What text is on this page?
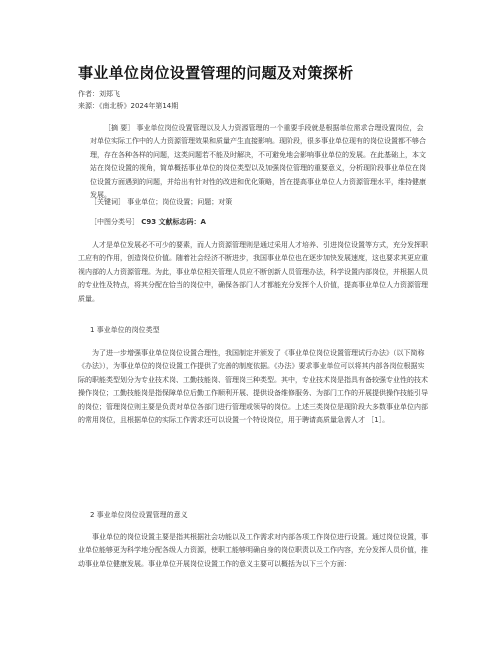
事业单位岗位设置管理的问题及对策探析
作者：刘郑飞
来源：《南北桥》2024年第14期
［摘 要］ 事业单位岗位设置管理以及人力资源管理的一个重要手段就是根据单位需求合理设置岗位，会对单位实际工作中的人力资源管理效果和质量产生直接影响。现阶段，很多事业单位现有的岗位设置都不够合理，存在各种各样的问题，这类问题若不能及时解决，不可避免地会影响事业单位的发展。在此基础上，本文站在岗位设置的视角，简单概括事业单位的岗位类型以及加强岗位管理的重要意义，分析现阶段事业单位在岗位设置方面遇到的问题，并给出有针对性的改进和优化策略，旨在提高事业单位人力资源管理水平，维持健康发展。
［关键词］ 事业单位；岗位设置；问题；对策
［中图分类号］ C93 文献标志码：A
人才是单位发展必不可少的要素，而人力资源管理则是通过采用人才培养、引进岗位设置等方式，充分发挥职工应有的作用，创造岗位价值。随着社会经济不断进步，我国事业单位也在逐步加快发展速度，这也要求其更应重视内部的人力资源管理。为此，事业单位相关管理人员应不断创新人员管理办法，科学设置内部岗位，并根据人员的专业性及特点，将其分配在恰当的岗位中，确保各部门人才都能充分发挥个人价值，提高事业单位人力资源管理质量。
1 事业单位的岗位类型
为了进一步增强事业单位岗位设置合理性，我国制定并颁发了《事业单位岗位设置管理试行办法》（以下简称《办法》），为事业单位的岗位设置工作提供了完善的制度依据。《办法》要求事业单位可以将其内部各岗位根据实际的职能类型划分为专业技术岗、工勤技能岗、管理岗三种类型。其中，专业技术岗是指具有备较强专业性的技术操作岗位；工勤技能岗是指保障单位后勤工作顺利开展、提供设备维修服务、为部门工作的开展提供操作技能引导的岗位；管理岗位则主要是负责对单位各部门进行管理或领导的岗位。上述三类岗位是现阶段大多数事业单位内部的常用岗位，且根据单位的实际工作需求还可以设置一个特设岗位，用于聘请高质量急需人才 ［1］。
2 事业单位岗位设置管理的意义
事业单位的岗位设置主要是指其根据社会功能以及工作需求对内部各项工作岗位进行设置。通过岗位设置，事业单位能够更为科学地分配各级人力资源，使职工能够明确自身的岗位职责以及工作内容，充分发挥人员价值，推动事业单位健康发展。事业单位开展岗位设置工作的意义主要可以概括为以下三个方面：
